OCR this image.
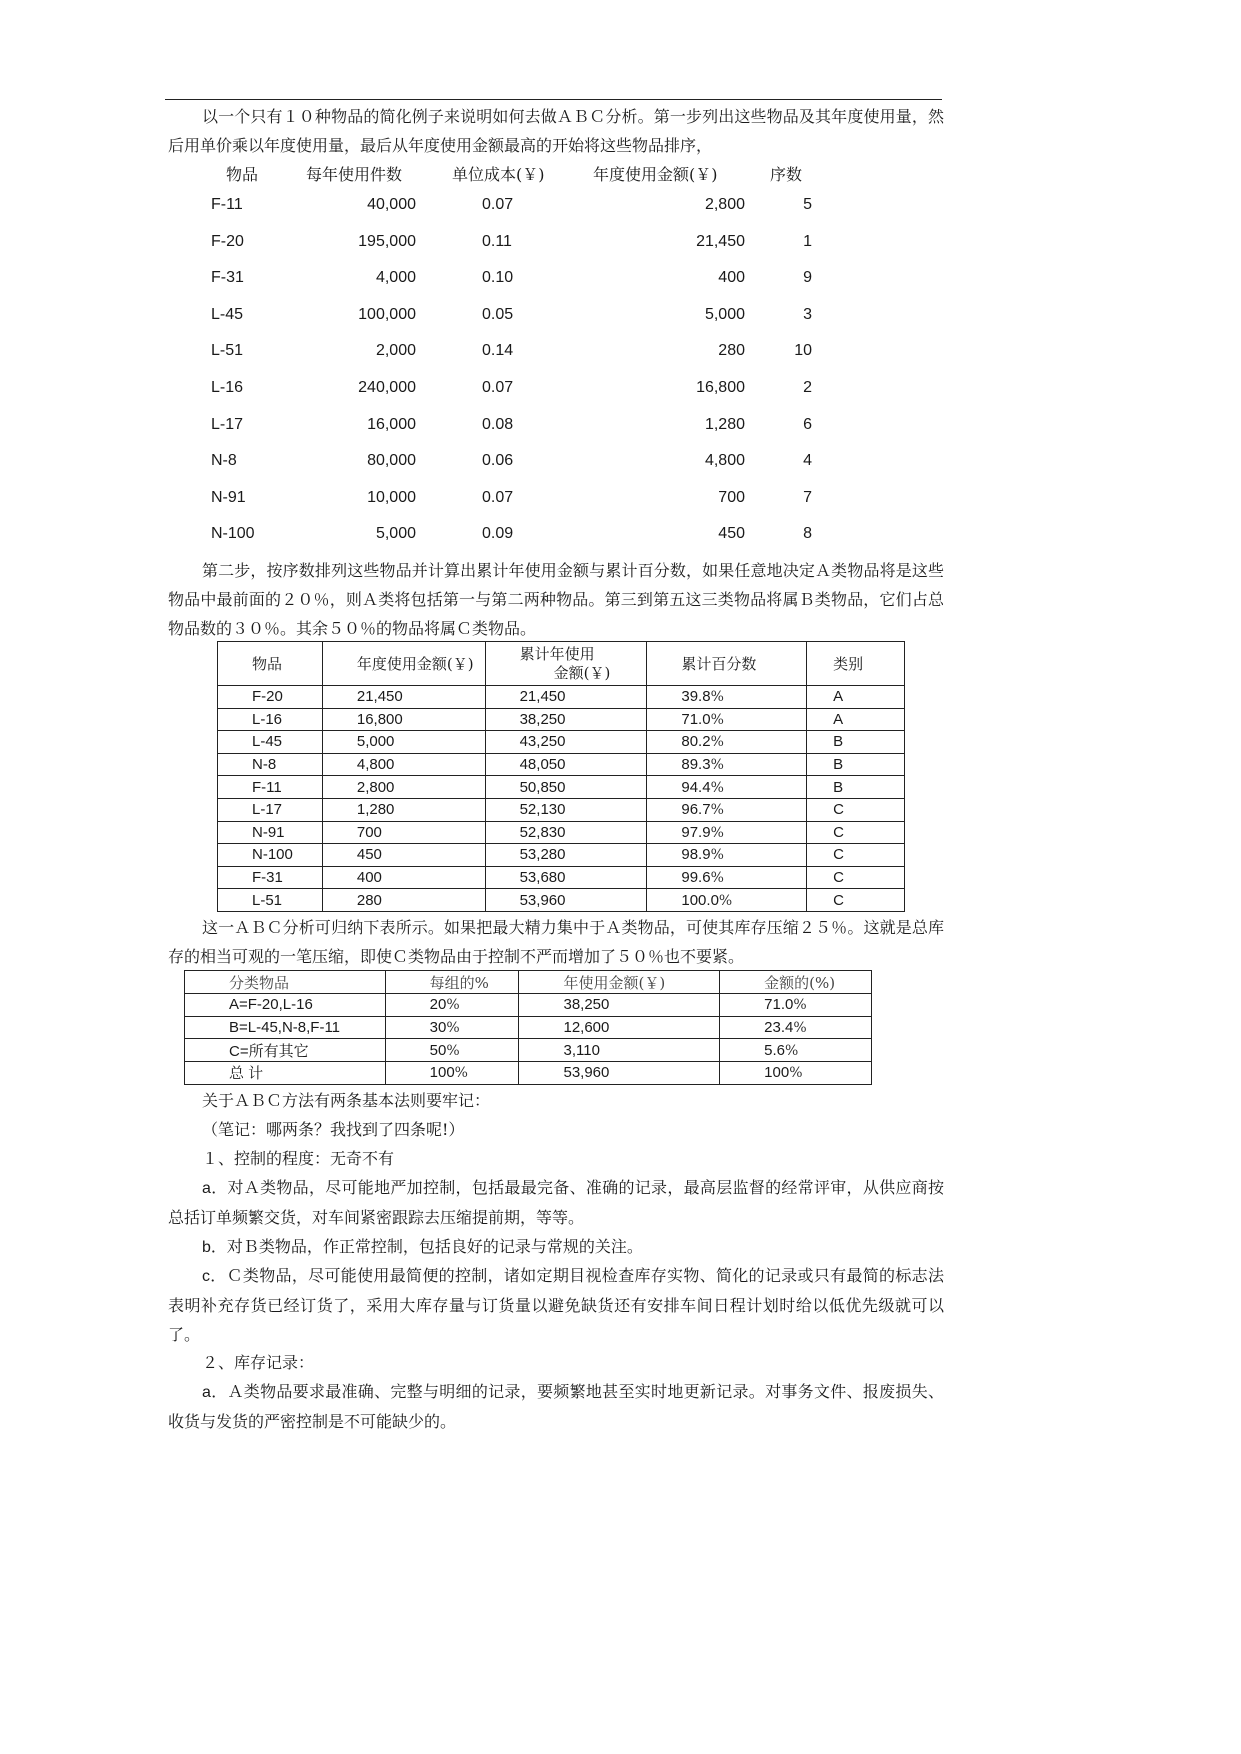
以一个只有１０种物品的简化例子来说明如何去做ＡＢＣ分析。第一步列出这些物品及其年度使用量，然后用单价乘以年度使用量，最后从年度使用金额最高的开始将这些物品排序，

物品	每年使用件数	单位成本(￥)	年度使用金额(￥)	序数
F-11	40,000	0.07	2,800	5
F-20	195,000	0.11	21,450	1
F-31	4,000	0.10	400	9
L-45	100,000	0.05	5,000	3
L-51	2,000	0.14	280	10
L-16	240,000	0.07	16,800	2
L-17	16,000	0.08	1,280	6
N-8	80,000	0.06	4,800	4
N-91	10,000	0.07	700	7
N-100	5,000	0.09	450	8

第二步，按序数排列这些物品并计算出累计年使用金额与累计百分数，如果任意地决定Ａ类物品将是这些物品中最前面的２０％，则Ａ类将包括第一与第二两种物品。第三到第五这三类物品将属Ｂ类物品，它们占总物品数的３０％。其余５０％的物品将属Ｃ类物品。

物品	年度使用金额(￥)	累计年使用
金额(￥)	累计百分数	类别
F-20	21,450	21,450	39.8%	A
L-16	16,800	38,250	71.0%	A
L-45	5,000	43,250	80.2%	B
N-8	4,800	48,050	89.3%	B
F-11	2,800	50,850	94.4%	B
L-17	1,280	52,130	96.7%	C
N-91	700	52,830	97.9%	C
N-100	450	53,280	98.9%	C
F-31	400	53,680	99.6%	C
L-51	280	53,960	100.0%	C

这一ＡＢＣ分析可归纳下表所示。如果把最大精力集中于Ａ类物品，可使其库存压缩２５％。这就是总库存的相当可观的一笔压缩，即使Ｃ类物品由于控制不严而增加了５０％也不要紧。

分类物品	每组的%	年使用金额(￥)	金额的(%)
A=F-20,L-16	20%	38,250	71.0%
B=L-45,N-8,F-11	30%	12,600	23.4%
C=所有其它	50%	3,110	5.6%
总 计	100%	53,960	100%

关于ＡＢＣ方法有两条基本法则要牢记：

（笔记：哪两条？我找到了四条呢!）

１、控制的程度：无奇不有

a．对Ａ类物品，尽可能地严加控制，包括最最完备、准确的记录，最高层监督的经常评审，从供应商按总括订单频繁交货，对车间紧密跟踪去压缩提前期，等等。

b．对Ｂ类物品，作正常控制，包括良好的记录与常规的关注。

c．Ｃ类物品，尽可能使用最简便的控制，诸如定期目视检查库存实物、简化的记录或只有最简的标志法表明补充存货已经订货了，采用大库存量与订货量以避免缺货还有安排车间日程计划时给以低优先级就可以了。

２、库存记录：

a．Ａ类物品要求最准确、完整与明细的记录，要频繁地甚至实时地更新记录。对事务文件、报废损失、收货与发货的严密控制是不可能缺少的。
